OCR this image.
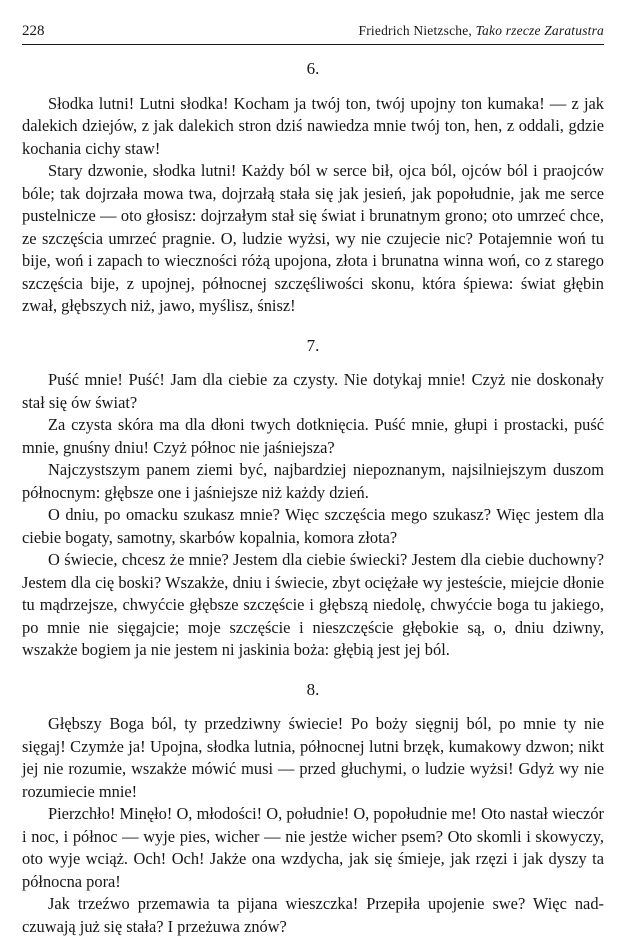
228	Friedrich Nietzsche, Tako rzecze Zaratustra
6.

Słodka lutni! Lutni słodka! Kocham ja twój ton, twój upojny ton kumaka! — z jak dalekich dziejów, z jak dalekich stron dziś nawiedza mnie twój ton, hen, z oddali, gdzie kochania cichy staw!

Stary dzwonie, słodka lutni! Każdy ból w serce bił, ojca ból, ojców ból i praojców bóle; tak dojrzała mowa twa, dojrzałą stała się jak jesień, jak popołudnie, jak me serce pustelnicze — oto głosisz: dojrzałym stał się świat i brunatnym grono; oto umrzeć chce, ze szczęścia umrzeć pragnie. O, ludzie wyżsi, wy nie czujecie nic? Potajemnie woń tu bije, woń i zapach to wieczności różą upojona, złota i brunatna winna woń, co z starego szczęścia bije, z upojnej, północnej szczęśliwości skonu, która śpiewa: świat głębin zwał, głębszych niż, jawo, myślisz, śnisz!

7.

Puść mnie! Puść! Jam dla ciebie za czysty. Nie dotykaj mnie! Czyż nie doskonały stał się ów świat?

Za czysta skóra ma dla dłoni twych dotknięcia. Puść mnie, głupi i prostacki, puść mnie, gnuśny dniu! Czyż północ nie jaśniejsza?

Najczystszym panem ziemi być, najbardziej niepoznanym, najsilniejszym duszom północnym: głębsze one i jaśniejsze niż każdy dzień.

O dniu, po omacku szukasz mnie? Więc szczęścia mego szukasz? Więc jestem dla ciebie bogaty, samotny, skarbów kopalnia, komora złota?

O świecie, chcesz że mnie? Jestem dla ciebie świecki? Jestem dla ciebie duchowny? Jestem dla cię boski? Wszakże, dniu i świecie, zbyt ociężałe wy jesteście, miejcie dłonie tu mądrzejsze, chwyćcie głębsze szczęście i głębszą niedolę, chwyćcie boga tu jakiego, po mnie nie sięgajcie; moje szczęście i nieszczęście głębokie są, o, dniu dziwny, wszakże bogiem ja nie jestem ni jaskinia boża: głębią jest jej ból.

8.

Głębszy Boga ból, ty przedziwny świecie! Po boży sięgnij ból, po mnie ty nie sięgaj! Czymże ja! Upojna, słodka lutnia, północnej lutni brzęk, kumakowy dzwon; nikt jej nie rozumie, wszakże mówić musi — przed głuchymi, o ludzie wyżsi! Gdyż wy nie rozumiecie mnie!

Pierzchło! Minęło! O, młodości! O, południe! O, popołudnie me! Oto nastał wieczór i noc, i północ — wyje pies, wicher — nie jestże wicher psem? Oto skomli i skowyczy, oto wyje wciąż. Och! Och! Jakże ona wzdycha, jak się śmieje, jak rzęzi i jak dyszy ta północna pora!

Jak trzeźwo przemawia ta pijana wieszczka! Przepiła upojenie swe? Więc nadczuwają już się stała? I przeżuwa znów?
